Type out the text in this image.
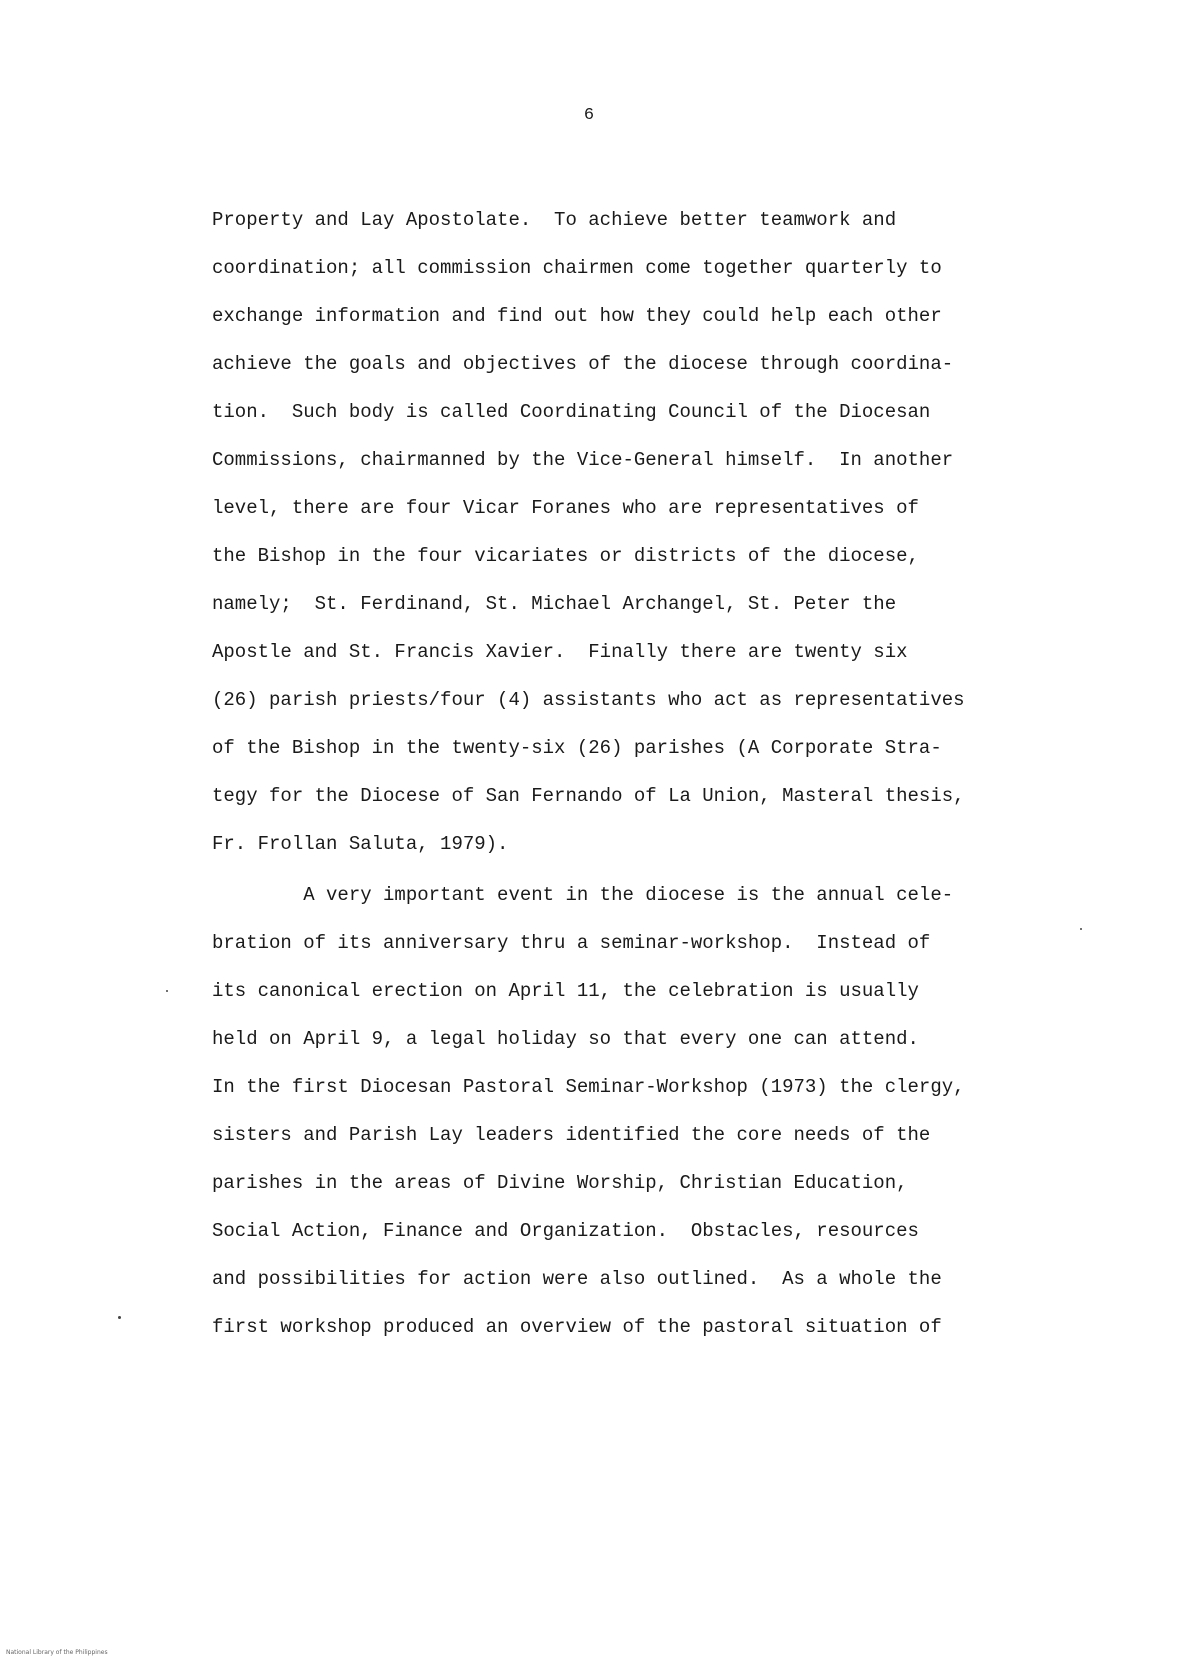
6
Property and Lay Apostolate.  To achieve better teamwork and
coordination; all commission chairmen come together quarterly to
exchange information and find out how they could help each other
achieve the goals and objectives of the diocese through coordina-
tion.  Such body is called Coordinating Council of the Diocesan
Commissions, chairmanned by the Vice-General himself.  In another
level, there are four Vicar Foranes who are representatives of
the Bishop in the four vicariates or districts of the diocese,
namely;  St. Ferdinand, St. Michael Archangel, St. Peter the
Apostle and St. Francis Xavier.  Finally there are twenty six
(26) parish priests/four (4) assistants who act as representatives
of the Bishop in the twenty-six (26) parishes (A Corporate Stra-
tegy for the Diocese of San Fernando of La Union, Masteral thesis,
Fr. Frollan Saluta, 1979).
A very important event in the diocese is the annual cele-
bration of its anniversary thru a seminar-workshop.  Instead of
its canonical erection on April 11, the celebration is usually
held on April 9, a legal holiday so that every one can attend.
In the first Diocesan Pastoral Seminar-Workshop (1973) the clergy,
sisters and Parish Lay leaders identified the core needs of the
parishes in the areas of Divine Worship, Christian Education,
Social Action, Finance and Organization.  Obstacles, resources
and possibilities for action were also outlined.  As a whole the
first workshop produced an overview of the pastoral situation of
National Library of the Philippines
